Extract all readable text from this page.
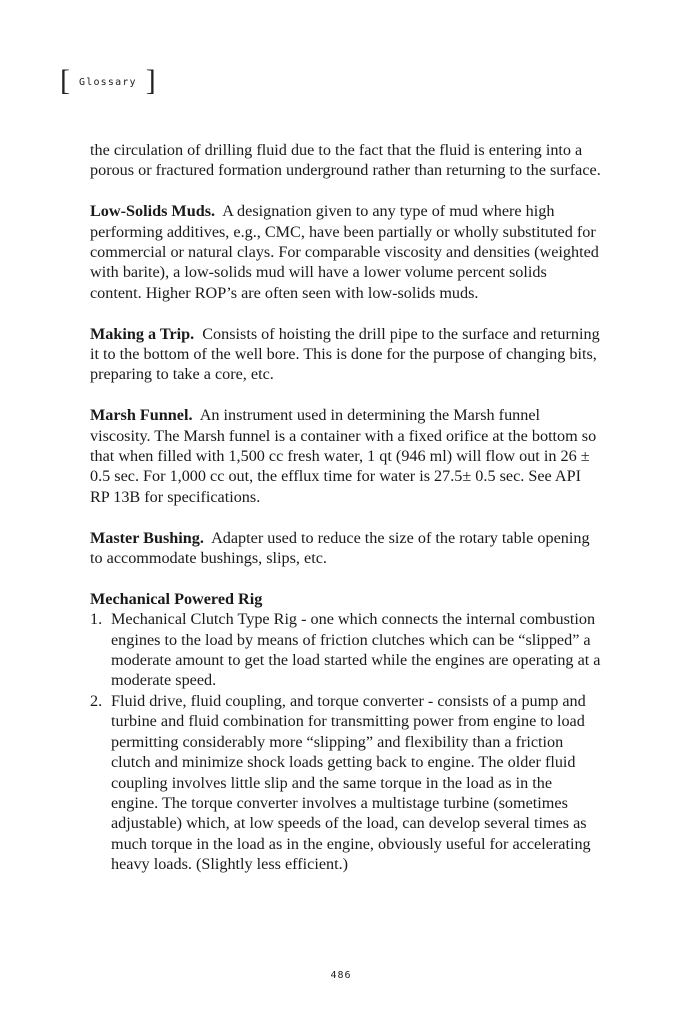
[ Glossary ]

the circulation of drilling fluid due to the fact that the fluid is entering into a porous or fractured formation underground rather than returning to the surface.

Low-Solids Muds. A designation given to any type of mud where high performing additives, e.g., CMC, have been partially or wholly substituted for commercial or natural clays. For comparable viscosity and densities (weighted with barite), a low-solids mud will have a lower volume percent solids content. Higher ROP’s are often seen with low-solids muds.

Making a Trip. Consists of hoisting the drill pipe to the surface and returning it to the bottom of the well bore. This is done for the purpose of changing bits, preparing to take a core, etc.

Marsh Funnel. An instrument used in determining the Marsh funnel viscosity. The Marsh funnel is a container with a fixed orifice at the bottom so that when filled with 1,500 cc fresh water, 1 qt (946 ml) will flow out in 26 ± 0.5 sec. For 1,000 cc out, the efflux time for water is 27.5± 0.5 sec. See API RP 13B for specifications.

Master Bushing. Adapter used to reduce the size of the rotary table opening to accommodate bushings, slips, etc.

Mechanical Powered Rig
1. Mechanical Clutch Type Rig - one which connects the internal combustion engines to the load by means of friction clutches which can be “slipped” a moderate amount to get the load started while the engines are operating at a moderate speed.
2. Fluid drive, fluid coupling, and torque converter - consists of a pump and turbine and fluid combination for transmitting power from engine to load permitting considerably more “slipping” and flexibility than a friction clutch and minimize shock loads getting back to engine. The older fluid coupling involves little slip and the same torque in the load as in the engine. The torque converter involves a multistage turbine (sometimes adjustable) which, at low speeds of the load, can develop several times as much torque in the load as in the engine, obviously useful for accelerating heavy loads. (Slightly less efficient.)
486
